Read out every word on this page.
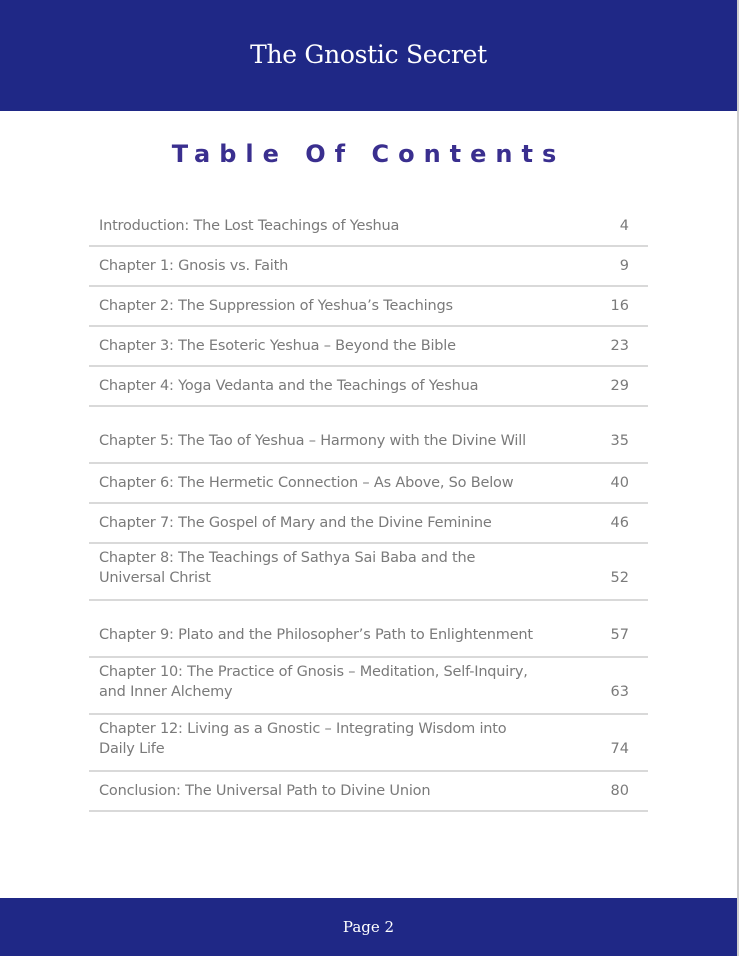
The Gnostic Secret
Table Of Contents
Introduction: The Lost Teachings of Yeshua	4
Chapter 1: Gnosis vs. Faith	9
Chapter 2: The Suppression of Yeshua’s Teachings	16
Chapter 3: The Esoteric Yeshua – Beyond the Bible	23
Chapter 4: Yoga Vedanta and the Teachings of Yeshua	29
Chapter 5: The Tao of Yeshua – Harmony with the Divine Will	35
Chapter 6: The Hermetic Connection – As Above, So Below	40
Chapter 7: The Gospel of Mary and the Divine Feminine	46
Chapter 8: The Teachings of Sathya Sai Baba and the Universal Christ	52
Chapter 9: Plato and the Philosopher’s Path to Enlightenment	57
Chapter 10: The Practice of Gnosis – Meditation, Self-Inquiry, and Inner Alchemy	63
Chapter 12: Living as a Gnostic – Integrating Wisdom into Daily Life	74
Conclusion: The Universal Path to Divine Union	80
Page 2
